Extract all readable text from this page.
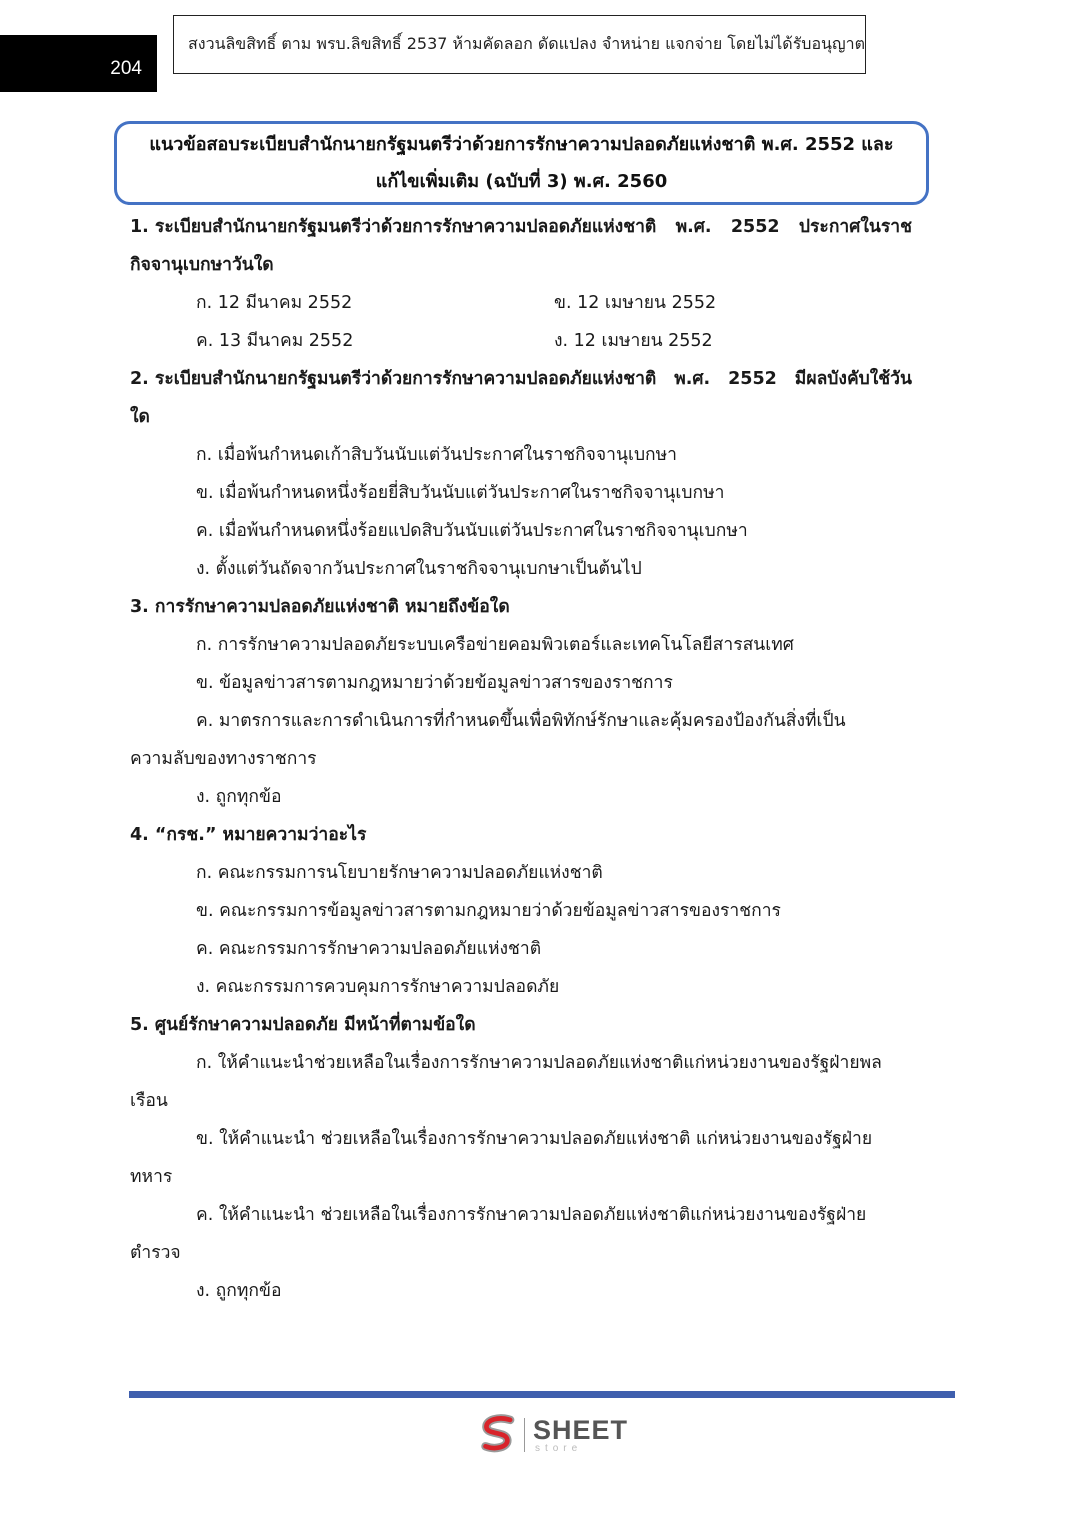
204
สงวนลิขสิทธิ์ ตาม พรบ.ลิขสิทธิ์ 2537 ห้ามคัดลอก ดัดแปลง จำหน่าย แจกจ่าย โดยไม่ได้รับอนุญาต
แนวข้อสอบระเบียบสำนักนายกรัฐมนตรีว่าด้วยการรักษาความปลอดภัยแห่งชาติ พ.ศ. 2552 และ
แก้ไขเพิ่มเติม (ฉบับที่ 3) พ.ศ. 2560
1. ระเบียบสำนักนายกรัฐมนตรีว่าด้วยการรักษาความปลอดภัยแห่งชาติ พ.ศ. 2552 ประกาศในราช
กิจจานุเบกษาวันใด
ก. 12 มีนาคม 2552	ข. 12 เมษายน 2552
ค. 13 มีนาคม 2552	ง. 12 เมษายน 2552
2. ระเบียบสำนักนายกรัฐมนตรีว่าด้วยการรักษาความปลอดภัยแห่งชาติ พ.ศ. 2552 มีผลบังคับใช้วัน
ใด
ก. เมื่อพ้นกำหนดเก้าสิบวันนับแต่วันประกาศในราชกิจจานุเบกษา
ข. เมื่อพ้นกำหนดหนึ่งร้อยยี่สิบวันนับแต่วันประกาศในราชกิจจานุเบกษา
ค. เมื่อพ้นกำหนดหนึ่งร้อยแปดสิบวันนับแต่วันประกาศในราชกิจจานุเบกษา
ง. ตั้งแต่วันถัดจากวันประกาศในราชกิจจานุเบกษาเป็นต้นไป
3. การรักษาความปลอดภัยแห่งชาติ หมายถึงข้อใด
ก. การรักษาความปลอดภัยระบบเครือข่ายคอมพิวเตอร์และเทคโนโลยีสารสนเทศ
ข. ข้อมูลข่าวสารตามกฎหมายว่าด้วยข้อมูลข่าวสารของราชการ
ค. มาตรการและการดำเนินการที่กำหนดขึ้นเพื่อพิทักษ์รักษาและคุ้มครองป้องกันสิ่งที่เป็น
ความลับของทางราชการ
ง. ถูกทุกข้อ
4. “กรช.” หมายความว่าอะไร
ก. คณะกรรมการนโยบายรักษาความปลอดภัยแห่งชาติ
ข. คณะกรรมการข้อมูลข่าวสารตามกฎหมายว่าด้วยข้อมูลข่าวสารของราชการ
ค. คณะกรรมการรักษาความปลอดภัยแห่งชาติ
ง. คณะกรรมการควบคุมการรักษาความปลอดภัย
5. ศูนย์รักษาความปลอดภัย มีหน้าที่ตามข้อใด
ก. ให้คำแนะนำช่วยเหลือในเรื่องการรักษาความปลอดภัยแห่งชาติแก่หน่วยงานของรัฐฝ่ายพล
เรือน
ข. ให้คำแนะนำ ช่วยเหลือในเรื่องการรักษาความปลอดภัยแห่งชาติ แก่หน่วยงานของรัฐฝ่าย
ทหาร
ค. ให้คำแนะนำ ช่วยเหลือในเรื่องการรักษาความปลอดภัยแห่งชาติแก่หน่วยงานของรัฐฝ่าย
ตำรวจ
ง. ถูกทุกข้อ
SHEET
store
